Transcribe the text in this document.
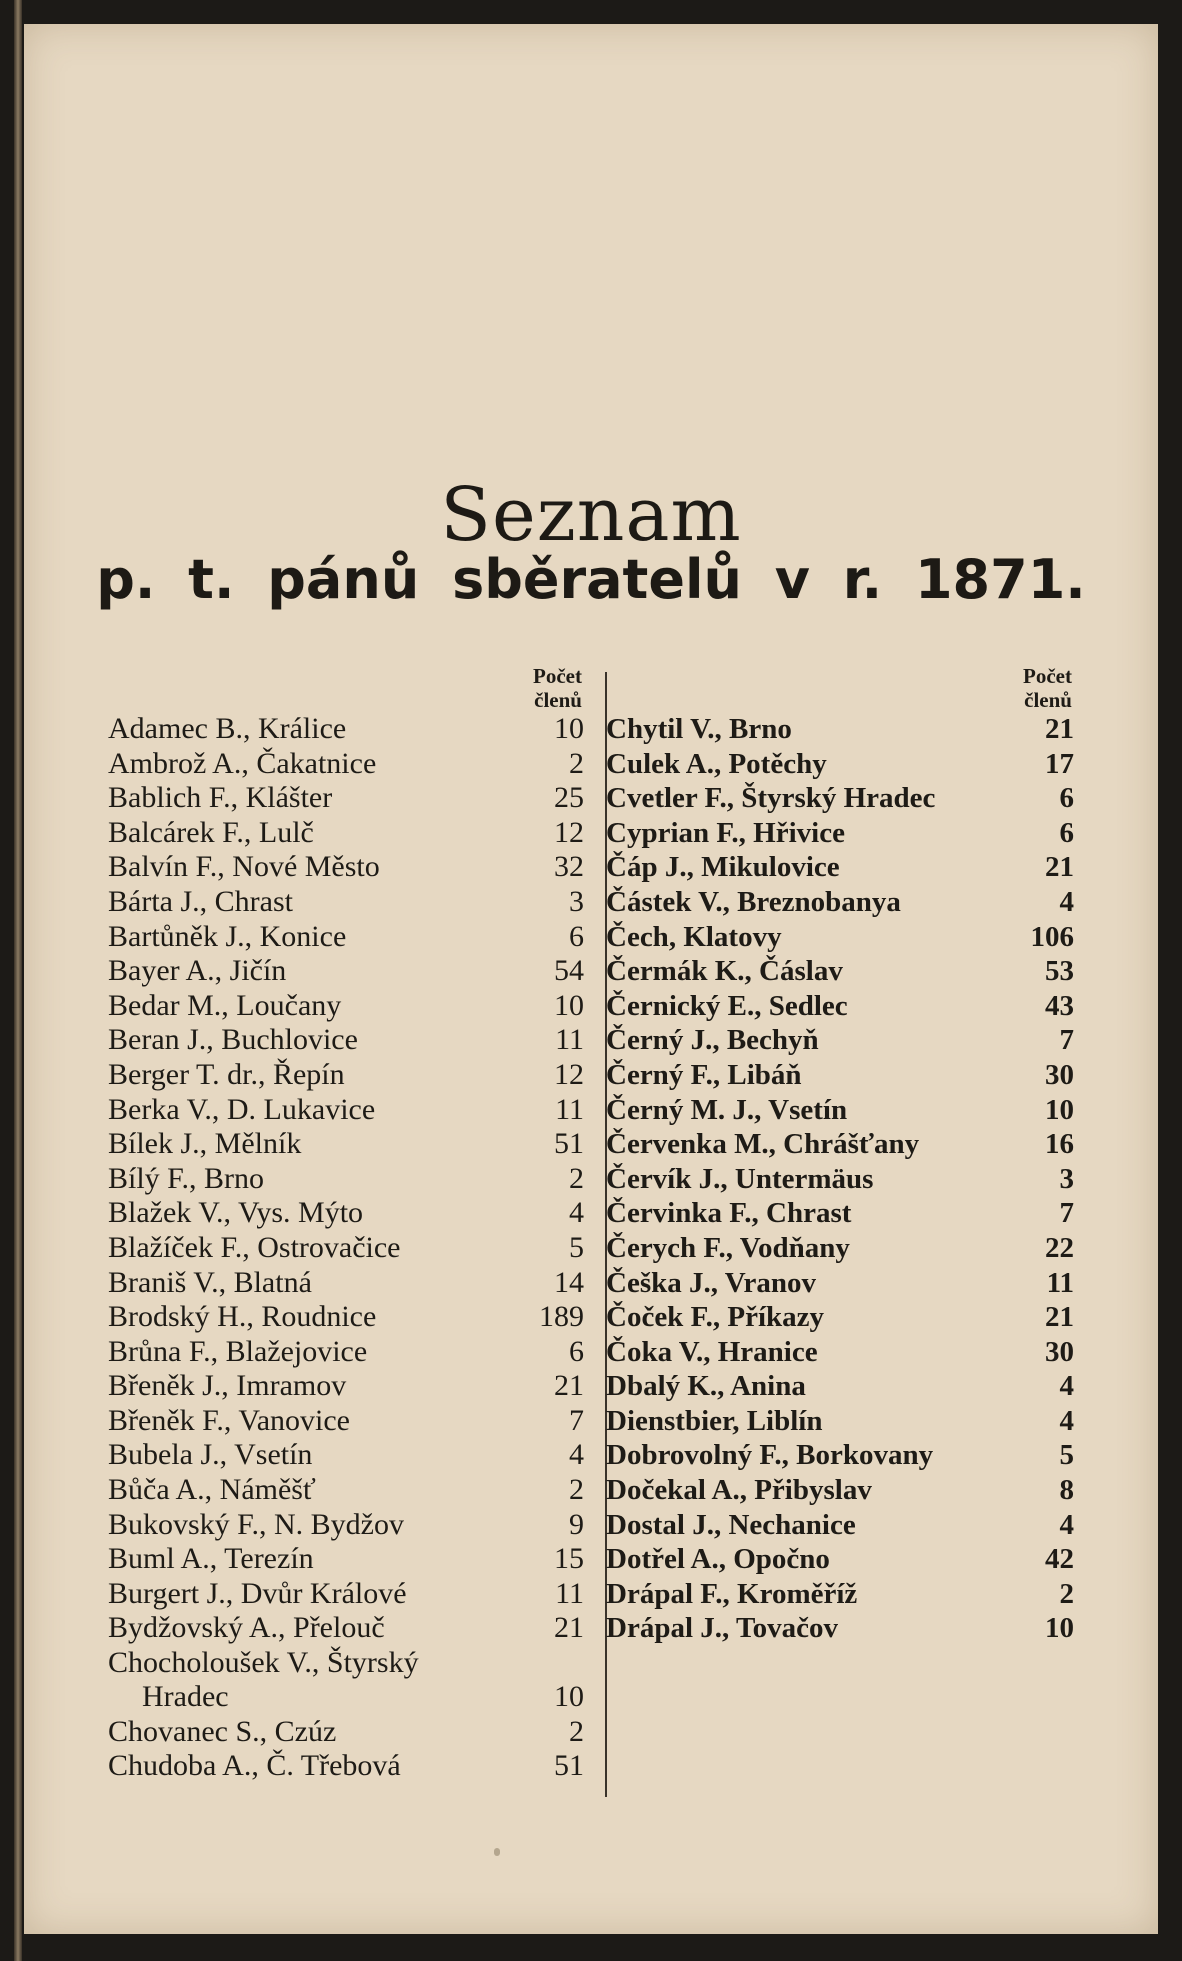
Seznam
p. t. pánů sběratelů v r. 1871.
Počet
členů
Adamec B., Králice	10
Ambrož A., Čakatnice	2
Bablich F., Klášter	25
Balcárek F., Lulč	12
Balvín F., Nové Město	32
Bárta J., Chrast	3
Bartůněk J., Konice	6
Bayer A., Jičín	54
Bedar M., Loučany	10
Beran J., Buchlovice	11
Berger T. dr., Řepín	12
Berka V., D. Lukavice	11
Bílek J., Mělník	51
Bílý F., Brno	2
Blažek V., Vys. Mýto	4
Blažíček F., Ostrovačice	5
Braniš V., Blatná	14
Brodský H., Roudnice	189
Brůna F., Blažejovice	6
Břeněk J., Imramov	21
Břeněk F., Vanovice	7
Bubela J., Vsetín	4
Bůča A., Náměšť	2
Bukovský F., N. Bydžov	9
Buml A., Terezín	15
Burgert J., Dvůr Králové	11
Bydžovský A., Přelouč	21
Chocholoušek V., Štyrský
Hradec	10
Chovanec S., Czúz	2
Chudoba A., Č. Třebová	51
Počet
členů
Chytil V., Brno	21
Culek A., Potěchy	17
Cvetler F., Štyrský Hradec	6
Cyprian F., Hřivice	6
Čáp J., Mikulovice	21
Částek V., Breznobanya	4
Čech, Klatovy	106
Čermák K., Čáslav	53
Černický E., Sedlec	43
Černý J., Bechyň	7
Černý F., Libáň	30
Černý M. J., Vsetín	10
Červenka M., Chrášťany	16
Červík J., Untermäus	3
Červinka F., Chrast	7
Čerych F., Vodňany	22
Češka J., Vranov	11
Čoček F., Příkazy	21
Čoka V., Hranice	30
Dbalý K., Anina	4
Dienstbier, Liblín	4
Dobrovolný F., Borkovany	5
Dočekal A., Přibyslav	8
Dostal J., Nechanice	4
Dotřel A., Opočno	42
Drápal F., Kroměříž	2
Drápal J., Tovačov	10
